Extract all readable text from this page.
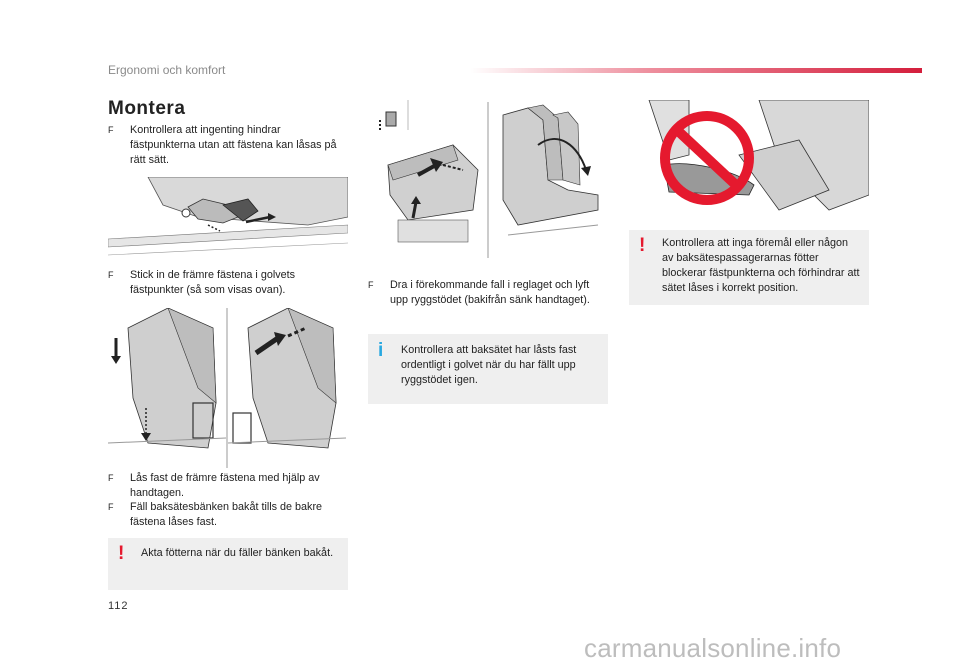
Ergonomi och komfort
Montera
F	Kontrollera att ingenting hindrar fästpunkterna utan att fästena kan låsas på rätt sätt.
F	Stick in de främre fästena i golvets fästpunkter (så som visas ovan).
F	Lås fast de främre fästena med hjälp av handtagen.
F	Fäll baksätesbänken bakåt tills de bakre fästena låses fast.
! Akta fötterna när du fäller bänken bakåt.
F	Dra i förekommande fall i reglaget och lyft upp ryggstödet (bakifrån sänk handtaget).
i Kontrollera att baksätet har låsts fast ordentligt i golvet när du har fällt upp ryggstödet igen.
! Kontrollera att inga föremål eller någon av baksätespassagerarnas fötter blockerar fästpunkterna och förhindrar att sätet låses i korrekt position.
112
carmanualsonline.info
